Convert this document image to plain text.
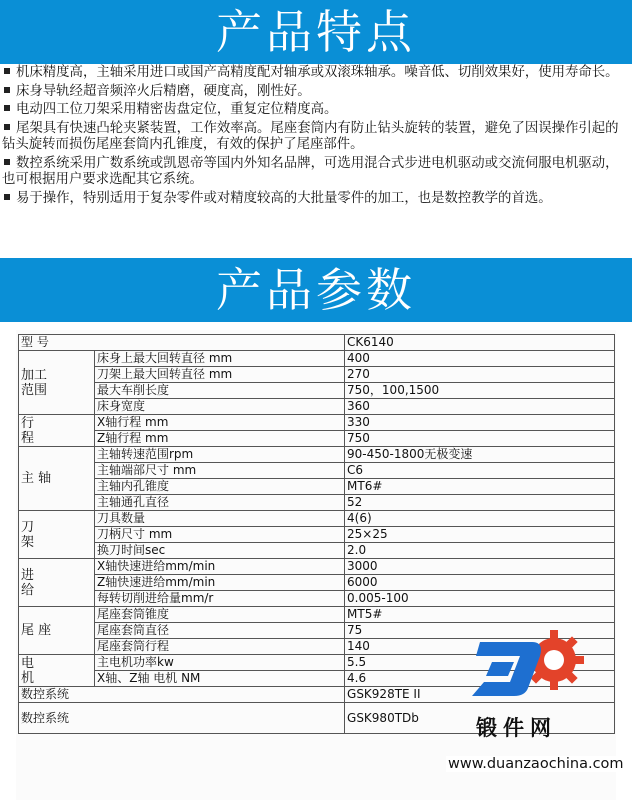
产品特点
机床精度高，主轴采用进口或国产高精度配对轴承或双滚珠轴承。噪音低、切削效果好，使用寿命长。
床身导轨经超音频淬火后精磨，硬度高，刚性好。
电动四工位刀架采用精密齿盘定位，重复定位精度高。
尾架具有快速凸轮夹紧装置，工作效率高。尾座套筒内有防止钻头旋转的装置，避免了因误操作引起的钻头旋转而损伤尾座套筒内孔锥度，有效的保护了尾座部件。
数控系统采用广数系统或凯恩帝等国内外知名品牌，可选用混合式步进电机驱动或交流伺服电机驱动，也可根据用户要求选配其它系统。
易于操作，特别适用于复杂零件或对精度较高的大批量零件的加工，也是数控教学的首选。
产品参数
型 号		CK6140
加工
范围	床身上最大回转直径 mm	400
	刀架上最大回转直径 mm	270
	最大车削长度	750，100,1500
	床身宽度	360
行
程	X轴行程 mm	330
	Z轴行程 mm	750
主 轴	主轴转速范围rpm	90-450-1800无极变速
	主轴端部尺寸 mm	C6
	主轴内孔锥度	MT6#
	主轴通孔直径	52
刀
架	刀具数量	4(6)
	刀柄尺寸 mm	25×25
	换刀时间sec	2.0
进
给	X轴快速进给mm/min	3000
	Z轴快速进给mm/min	6000
	每转切削进给量mm/r	0.005-100
尾 座	尾座套筒锥度	MT5#
	尾座套筒直径	75
	尾座套筒行程	140
电
机	主电机功率kw	5.5
	X轴、Z轴 电机 NM	4.6
数控系统		GSK928TE II
数控系统		GSK980TDb	锻件网
www.duanzaochina.com
